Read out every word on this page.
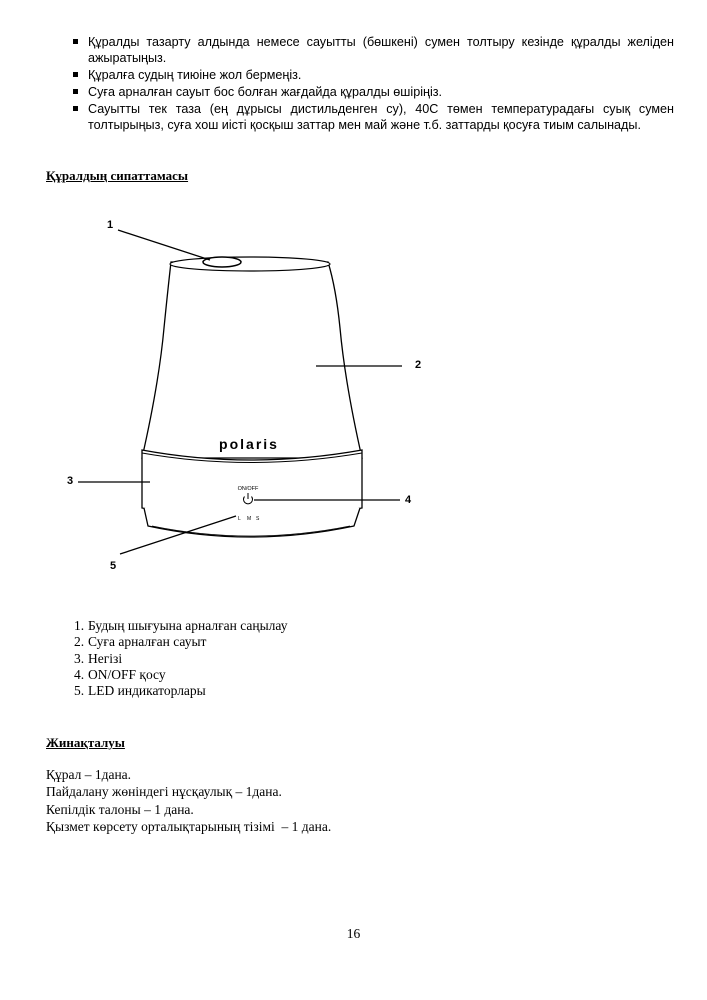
Құралды тазарту алдында немесе сауытты (бөшкені) сумен толтыру кезінде құралды желіден ажыратыңыз.
Құралға судың тиюіне жол бермеңіз.
Суға арналған сауыт бос болған жағдайда құралды өшіріңіз.
Сауытты тек таза (ең дұрысы дистильденген су), 40С төмен температурадағы суық сумен толтырыңыз, суға хош иісті қосқыш заттар мен май және т.б. заттарды қосуға тиым салынады.
Құралдың сипаттамасы
polaris
ON/OFF
L M S
1
2
3
4
5
1. Будың шығуына арналған саңылау
2. Суға арналған сауыт
3. Негізі
4. ON/OFF қосу
5. LED индикаторлары
Жинақталуы
Құрал – 1дана.
Пайдалану жөніндегі нұсқаулық – 1дана.
Кепілдік талоны – 1 дана.
Қызмет көрсету орталықтарының тізімі  – 1 дана.
16
